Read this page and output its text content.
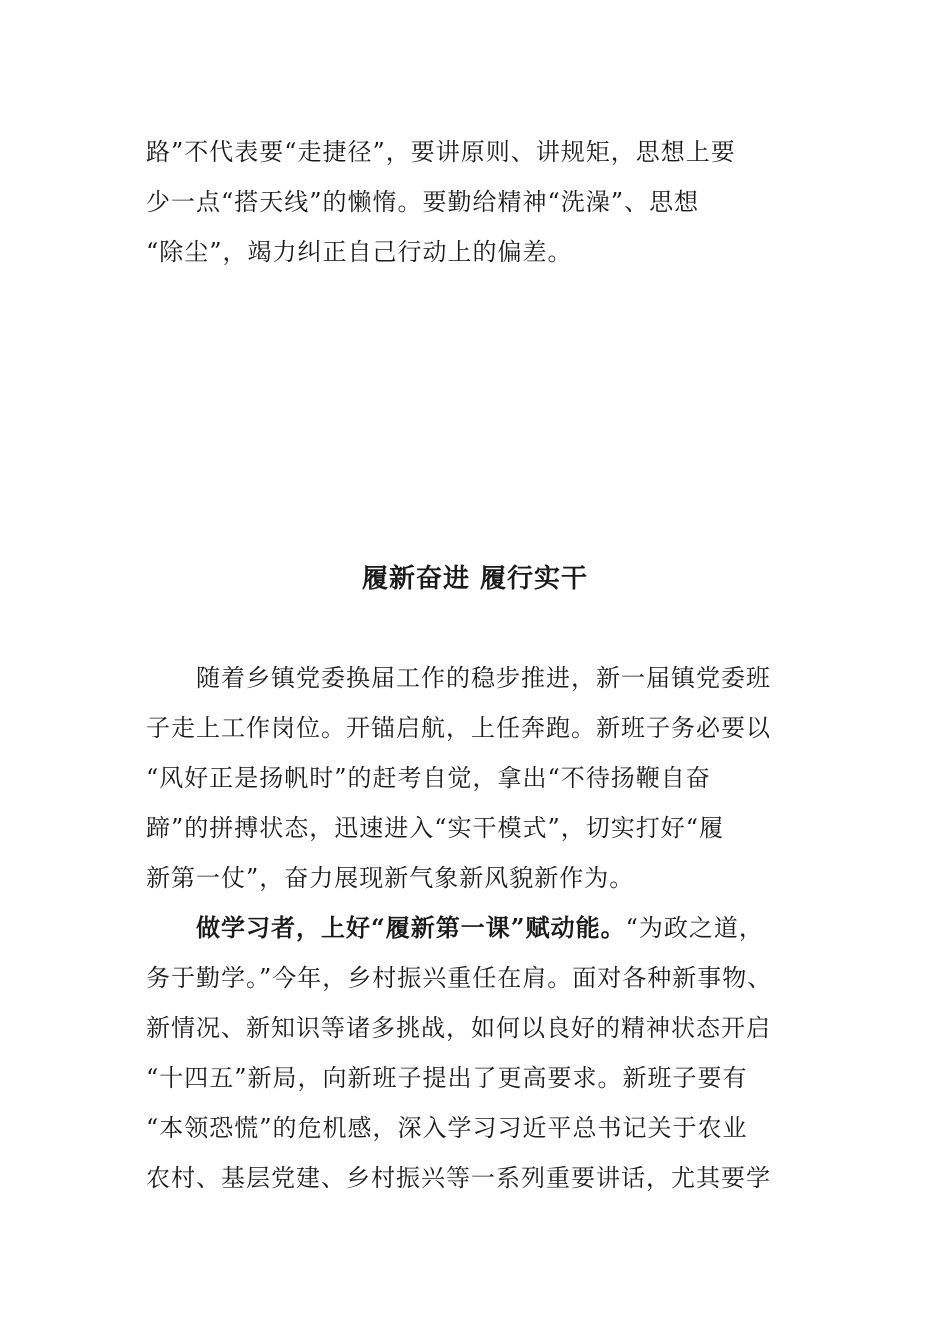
路”不代表要“走捷径”，要讲原则、讲规矩，思想上要
少一点“搭天线”的懒惰。要勤给精神“洗澡”、思想
“除尘”，竭力纠正自己行动上的偏差。
履新奋进 履行实干
随着乡镇党委换届工作的稳步推进，新一届镇党委班
子走上工作岗位。开锚启航，上任奔跑。新班子务必要以
“风好正是扬帆时”的赶考自觉，拿出“不待扬鞭自奋
蹄”的拼搏状态，迅速进入“实干模式”，切实打好“履
新第一仗”，奋力展现新气象新风貌新作为。
做学习者，上好“履新第一课”赋动能。“为政之道，
务于勤学。”今年，乡村振兴重任在肩。面对各种新事物、
新情况、新知识等诸多挑战，如何以良好的精神状态开启
“十四五”新局，向新班子提出了更高要求。新班子要有
“本领恐慌”的危机感，深入学习习近平总书记关于农业
农村、基层党建、乡村振兴等一系列重要讲话，尤其要学
